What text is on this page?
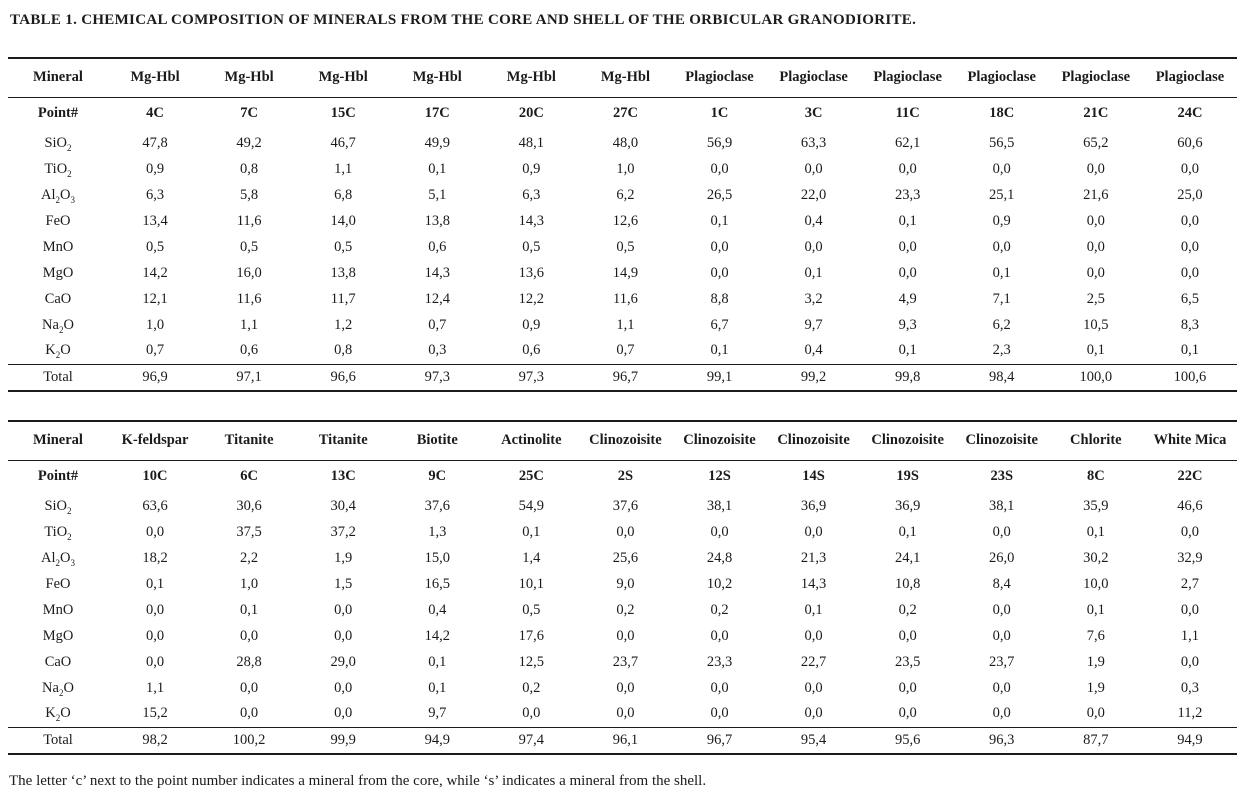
TABLE 1. CHEMICAL COMPOSITION OF MINERALS FROM THE CORE AND SHELL OF THE ORBICULAR GRANODIORITE.
Mineral	Mg-Hbl	Mg-Hbl	Mg-Hbl	Mg-Hbl	Mg-Hbl	Mg-Hbl	Plagioclase	Plagioclase	Plagioclase	Plagioclase	Plagioclase	Plagioclase
Point#	4C	7C	15C	17C	20C	27C	1C	3C	11C	18C	21C	24C
SiO$_2$	47,8	49,2	46,7	49,9	48,1	48,0	56,9	63,3	62,1	56,5	65,2	60,6
TiO$_2$	0,9	0,8	1,1	0,1	0,9	1,0	0,0	0,0	0,0	0,0	0,0	0,0
$Al_2O_3$	6,3	5,8	6,8	5,1	6,3	6,2	26,5	22,0	23,3	25,1	21,6	25,0
FeO	13,4	11,6	14,0	13,8	14,3	12,6	0,1	0,4	0,1	0,9	0,0	0,0
MnO	0,5	0,5	0,5	0,6	0,5	0,5	0,0	0,0	0,0	0,0	0,0	0,0
MgO	14,2	16,0	13,8	14,3	13,6	14,9	0,0	0,1	0,0	0,1	0,0	0,0
CaO	12,1	11,6	11,7	12,4	12,2	11,6	8,8	3,2	4,9	7,1	2,5	6,5
$Na_2O$	1,0	1,1	1,2	0,7	0,9	1,1	6,7	9,7	9,3	6,2	10,5	8,3
$K_2O$	0,7	0,6	0,8	0,3	0,6	0,7	0,1	0,4	0,1	2,3	0,1	0,1
Total	96,9	97,1	96,6	97,3	97,3	96,7	99,1	99,2	99,8	98,4	100,0	100,6
Mineral	K-feldspar	Titanite	Titanite	Biotite	Actinolite	Clinozoisite	Clinozoisite	Clinozoisite	Clinozoisite	Clinozoisite	Chlorite	White Mica
Point#	10C	6C	13C	9C	25C	2S	12S	14S	19S	23S	8C	22C
SiO$_2$	63,6	30,6	30,4	37,6	54,9	37,6	38,1	36,9	36,9	38,1	35,9	46,6
TiO$_2$	0,0	37,5	37,2	1,3	0,1	0,0	0,0	0,0	0,1	0,0	0,1	0,0
$Al_2O_3$	18,2	2,2	1,9	15,0	1,4	25,6	24,8	21,3	24,1	26,0	30,2	32,9
FeO	0,1	1,0	1,5	16,5	10,1	9,0	10,2	14,3	10,8	8,4	10,0	2,7
MnO	0,0	0,1	0,0	0,4	0,5	0,2	0,2	0,1	0,2	0,0	0,1	0,0
MgO	0,0	0,0	0,0	14,2	17,6	0,0	0,0	0,0	0,0	0,0	7,6	1,1
CaO	0,0	28,8	29,0	0,1	12,5	23,7	23,3	22,7	23,5	23,7	1,9	0,0
$Na_2O$	1,1	0,0	0,0	0,1	0,2	0,0	0,0	0,0	0,0	0,0	1,9	0,3
$K_2O$	15,2	0,0	0,0	9,7	0,0	0,0	0,0	0,0	0,0	0,0	0,0	11,2
Total	98,2	100,2	99,9	94,9	97,4	96,1	96,7	95,4	95,6	96,3	87,7	94,9
The letter ‘c’ next to the point number indicates a mineral from the core, while ‘s’ indicates a mineral from the shell.
